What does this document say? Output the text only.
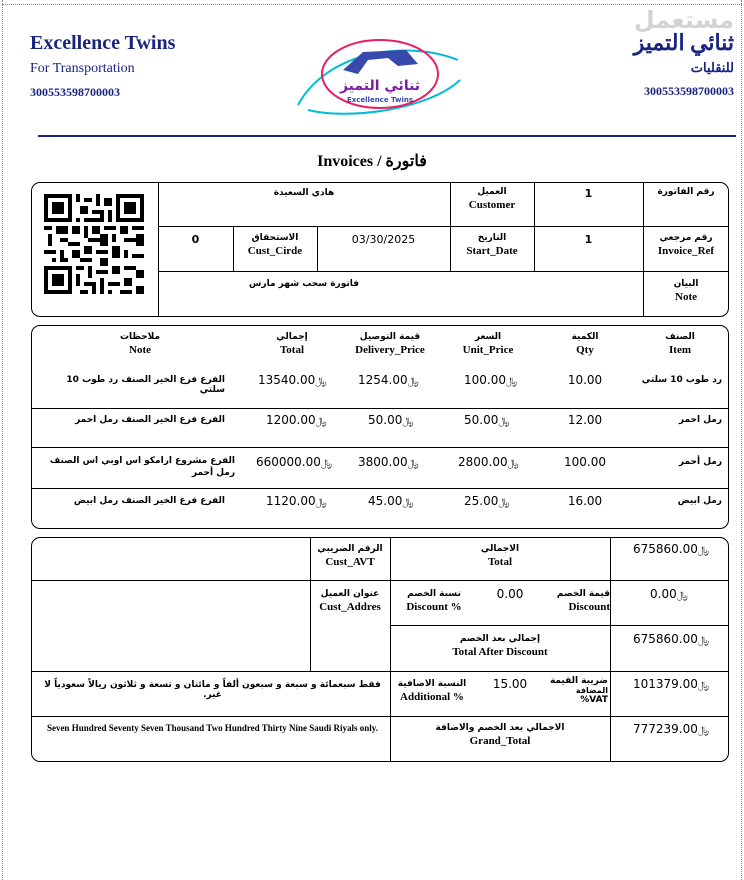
مستعمل
Excellence Twins
For Transportation
300553598700003
ثنائي التميز
للنقليات
300553598700003
ثنائي التميز
Excellence Twins
Invoices / فاتورة
رقم الفاتورة
1
العميل
Customer
هادي السعيدة
رقم مرجعي
Invoice_Ref
1
التاريخ
Start_Date
03/30/2025
الاستحقاق
Cust_Cirde
0
البيان
Note
فاتورة سحب شهر مارس
الصنف
Item
الكمية
Qty
السعر
Unit_Price
قيمة التوصيل
Delivery_Price
إجمالي
Total
ملاحظات
Note
رد طوب 10 سلتي
10.00
﷼100.00
﷼1254.00
﷼13540.00
الفرع فرع الخير الصنف رد طوب 10 سلتي
رمل احمر
12.00
﷼50.00
﷼50.00
﷼1200.00
الفرع فرع الخير الصنف رمل احمر
رمل أحمر
100.00
﷼2800.00
﷼3800.00
﷼660000.00
الفرع مشروع ارامكو اس اوبي اس الصنف رمل أحمر
رمل ابيض
16.00
﷼25.00
﷼45.00
﷼1120.00
الفرع فرع الخير الصنف رمل ابيض
الاجمالي
Total
﷼675860.00
الرقم الضريبي
Cust_AVT
قيمة الخصم
Discount
0.00
نسبة الخصم
Discount %
﷼0.00
عنوان العميل
Cust_Addres
إجمالي بعد الخصم
Total After Discount
﷼675860.00
ضريبة القيمة
المضافة
%VAT
15.00
النسبة الاضافية
Additional %
﷼101379.00
فقط سبعمائة و سبعة و سبعون ألفاً و مائتان و تسعة و ثلاثون ريالاً سعودياً لا غير.
الاجمالي بعد الخصم والاضافة
Grand_Total
﷼777239.00
Seven Hundred Seventy Seven Thousand Two Hundred Thirty Nine Saudi Riyals only.
